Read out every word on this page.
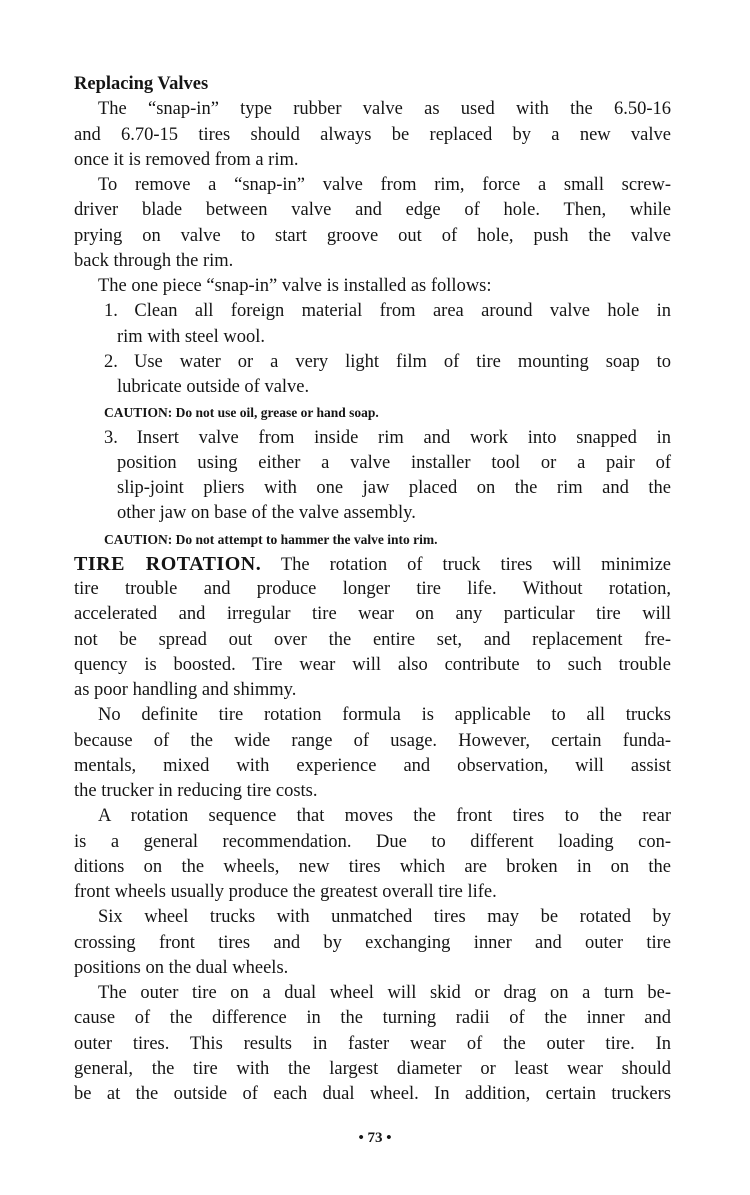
Replacing Valves
The “snap-in” type rubber valve as used with the 6.50-16
and 6.70-15 tires should always be replaced by a new valve
once it is removed from a rim.
To remove a “snap-in” valve from rim, force a small screw-
driver blade between valve and edge of hole. Then, while
prying on valve to start groove out of hole, push the valve
back through the rim.
The one piece “snap-in” valve is installed as follows:
1. Clean all foreign material from area around valve hole in
rim with steel wool.
2. Use water or a very light film of tire mounting soap to
lubricate outside of valve.
CAUTION: Do not use oil, grease or hand soap.
3. Insert valve from inside rim and work into snapped in
position using either a valve installer tool or a pair of
slip-joint pliers with one jaw placed on the rim and the
other jaw on base of the valve assembly.
CAUTION: Do not attempt to hammer the valve into rim.
TIRE ROTATION. The rotation of truck tires will minimize
tire trouble and produce longer tire life. Without rotation,
accelerated and irregular tire wear on any particular tire will
not be spread out over the entire set, and replacement fre-
quency is boosted. Tire wear will also contribute to such trouble
as poor handling and shimmy.
No definite tire rotation formula is applicable to all trucks
because of the wide range of usage. However, certain funda-
mentals, mixed with experience and observation, will assist
the trucker in reducing tire costs.
A rotation sequence that moves the front tires to the rear
is a general recommendation. Due to different loading con-
ditions on the wheels, new tires which are broken in on the
front wheels usually produce the greatest overall tire life.
Six wheel trucks with unmatched tires may be rotated by
crossing front tires and by exchanging inner and outer tire
positions on the dual wheels.
The outer tire on a dual wheel will skid or drag on a turn be-
cause of the difference in the turning radii of the inner and
outer tires. This results in faster wear of the outer tire. In
general, the tire with the largest diameter or least wear should
be at the outside of each dual wheel. In addition, certain truckers
• 73 •
